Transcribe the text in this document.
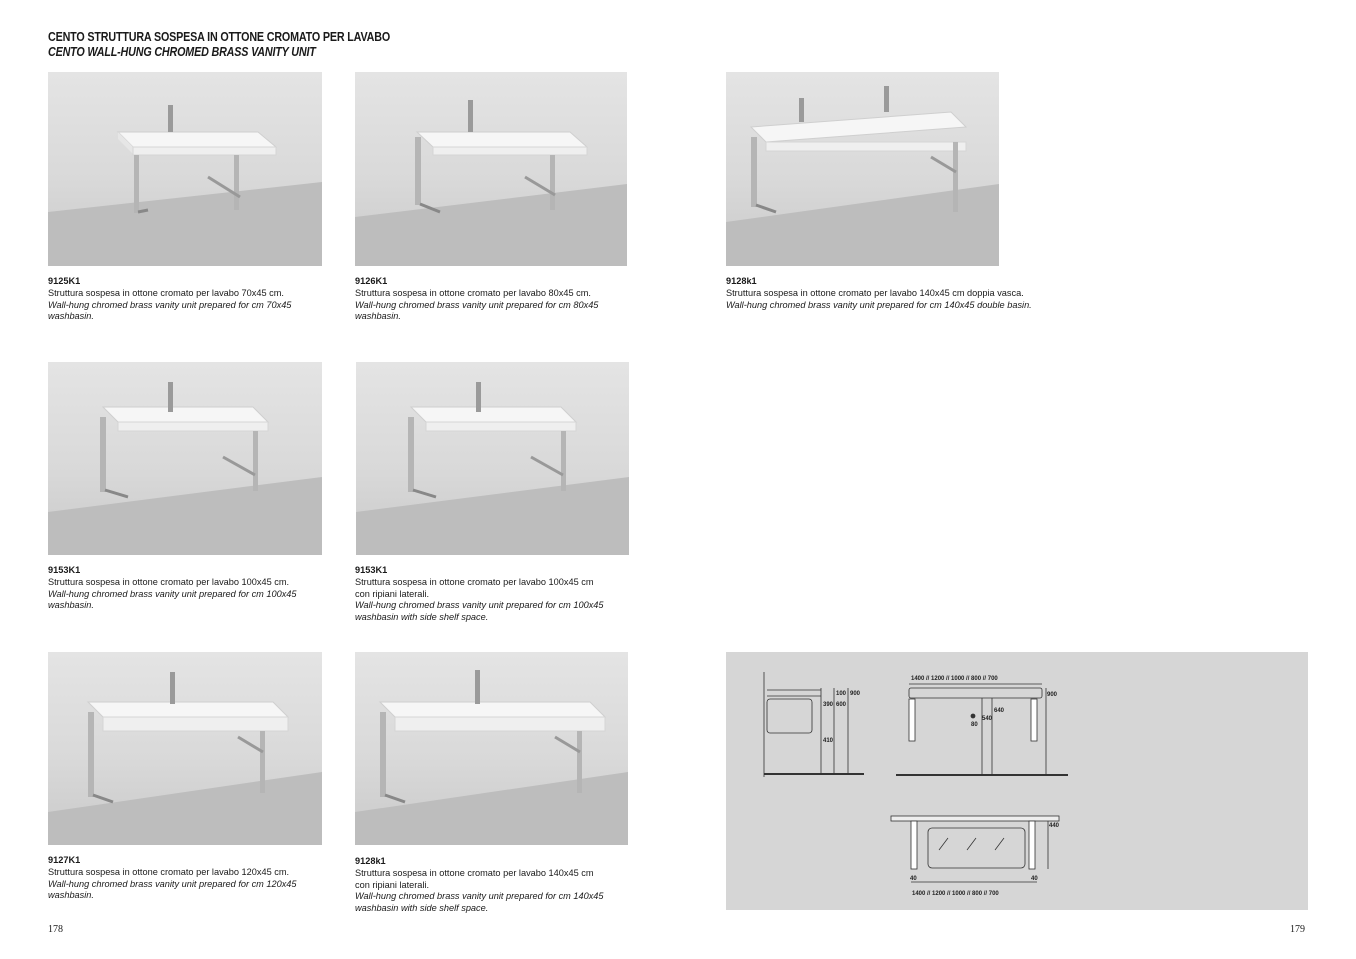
CENTO STRUTTURA SOSPESA IN OTTONE CROMATO PER LAVABO
CENTO WALL-HUNG CHROMED BRASS VANITY UNIT
9125K1
Struttura sospesa in ottone cromato per lavabo 70x45 cm.
Wall-hung chromed brass vanity unit prepared for cm 70x45
washbasin.
9126K1
Struttura sospesa in ottone cromato per lavabo 80x45 cm.
Wall-hung chromed brass vanity unit prepared for cm 80x45
washbasin.
9128k1
Struttura sospesa in ottone cromato per lavabo 140x45 cm doppia vasca.
Wall-hung chromed brass vanity unit prepared for cm 140x45 double basin.
9153K1
Struttura sospesa in ottone cromato per lavabo 100x45 cm.
Wall-hung chromed brass vanity unit prepared for cm 100x45
washbasin.
9153K1
Struttura sospesa in ottone cromato per lavabo 100x45 cm
con ripiani laterali.
Wall-hung chromed brass vanity unit prepared for cm 100x45
washbasin with side shelf space.
9127K1
Struttura sospesa in ottone cromato per lavabo 120x45 cm.
Wall-hung chromed brass vanity unit prepared for cm 120x45
washbasin.
9128k1
Struttura sospesa in ottone cromato per lavabo 140x45 cm
con ripiani laterali.
Wall-hung chromed brass vanity unit prepared for cm 140x45
washbasin with side shelf space.
100 900
390 600
410
1400 // 1200 // 1000 // 800 // 700
900
640
540
80
440
40	40
1400 // 1200 // 1000 // 800 // 700
178	179
